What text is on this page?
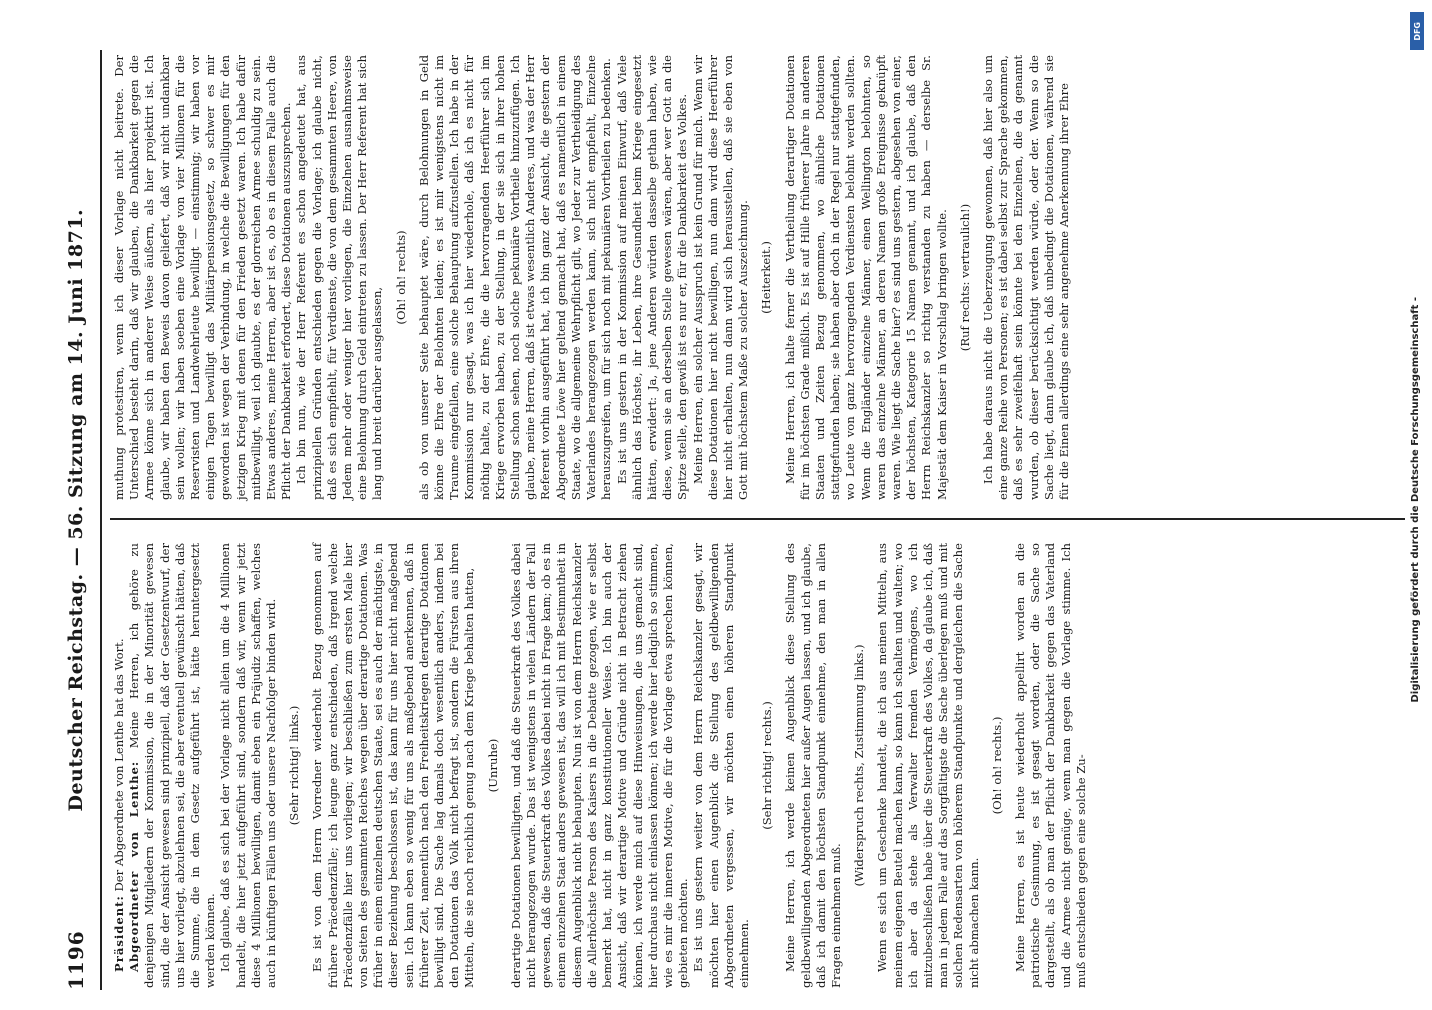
1196
Deutscher Reichstag. — 56. Sitzung am 14. Juni 1871.

Präsident: Der Abgeordnete von Lenthe hat das Wort. Abgeordneter von Lenthe: Meine Herren, ich gehöre zu denjenigen Mitgliedern der Kommission, die in der Minorität gewesen sind, die der Ansicht gewesen sind prinzipiell, daß der Gesetzentwurf, der uns hier vorliegt, abzulehnen sei, die aber eventuell gewünscht hätten, daß die Summe, die in dem Gesetz aufgeführt ist, hätte heruntergesetzt werden können. Ich glaube, daß es sich bei der Vorlage nicht allein um die 4 Millionen handelt, die hier jetzt aufgeführt sind, sondern daß wir, wenn wir jetzt diese 4 Millionen bewilligen, damit eben ein Präjudiz schaffen, welches auch in künftigen Fällen uns oder unsere Nachfolger binden wird. (Sehr richtig! links.) Es ist von dem Herrn Vorredner wiederholt Bezug genommen auf frühere Präcedenzfälle; ich leugne ganz entschieden, daß irgend welche Präcedenzfälle hier uns vorliegen; wir beschließen zum ersten Male hier von Seiten des gesammten Reiches wegen über derartige Dotationen. Was früher in einem einzelnen deutschen Staate, sei es auch der mächtigste, in dieser Beziehung beschlossen ist, das kann für uns hier nicht maßgebend sein. Ich kann eben so wenig für uns als maßgebend anerkennen, daß in früherer Zeit, namentlich nach den Freiheitskriegen derartige Dotationen bewilligt sind. Die Sache lag damals doch wesentlich anders, indem bei den Dotationen das Volk nicht befragt ist, sondern die Fürsten aus ihren Mitteln, die sie noch reichlich genug nach dem Kriege behalten hatten, (Unruhe) derartige Dotationen bewilligten, und daß die Steuerkraft des Volkes dabei nicht herangezogen wurde. Das ist wenigstens in vielen Ländern der Fall gewesen, daß die Steuerkraft des Volkes dabei nicht in Frage kam; ob es in einem einzelnen Staat anders gewesen ist, das will ich mit Bestimmtheit in diesem Augenblick nicht behaupten. Nun ist von dem Herrn Reichskanzler die Allerhöchste Person des Kaisers in die Debatte gezogen, wie er selbst bemerkt hat, nicht in ganz konstitutioneller Weise. Ich bin auch der Ansicht, daß wir derartige Motive und Gründe nicht in Betracht ziehen können, ich werde mich auf diese Hinweisungen, die uns gemacht sind, hier durchaus nicht einlassen können; ich werde hier lediglich so stimmen, wie es mir die inneren Motive, die für die Vorlage etwa sprechen können, gebieten möchten. Es ist uns gestern weiter von dem Herrn Reichskanzler gesagt, wir möchten hier einen Augenblick die Stellung des geldbewilligenden Abgeordneten vergessen, wir möchten einen höheren Standpunkt einnehmen.

(Sehr richtig! rechts.) Meine Herren, ich werde keinen Augenblick diese Stellung des geldbewilligenden Abgeordneten hier außer Augen lassen, und ich glaube, daß ich damit den höchsten Standpunkt einnehme, den man in allen Fragen einnehmen muß.

(Widerspruch rechts, Zustimmung links.) Wenn es sich um Geschenke handelt, die ich aus meinen Mitteln, aus meinem eigenen Beutel machen kann, so kann ich schalten und walten; wo ich aber da stehe als Verwalter fremden Vermögens, wo ich mitzubeschließen habe über die Steuerkraft des Volkes, da glaube ich, daß man in jedem Falle auf das Sorgfältigste die Sache überlegen muß und mit solchen Redensarten von höherem Standpunkte und dergleichen die Sache nicht abmachen kann.

(Oh! oh! rechts.) Meine Herren, es ist heute wiederholt appellirt worden an die patriotische Gesinnung, es ist gesagt worden, oder die Sache so dargestellt, als ob man der Pflicht der Dankbarkeit gegen das Vaterland und die Armee nicht genüge, wenn man gegen die Vorlage stimme. Ich muß entschieden gegen eine solche Zu-

muthung protestiren, wenn ich dieser Vorlage nicht beitrete. Der Unterschied besteht darin, daß wir glauben, die Dankbarkeit gegen die Armee könne sich in anderer Weise äußern, als hier projektirt ist. Ich glaube, wir haben den Beweis davon geliefert, daß wir nicht undankbar sein wollen; wir haben soeben eine Vorlage von vier Millionen für die Reservisten und Landwehrleute bewilligt — einstimmig; wir haben vor einigen Tagen bewilligt das Militärpensionsgesetz, so schwer es mir geworden ist wegen der Verbindung, in welche die Bewilligungen für den jetzigen Krieg mit denen für den Frieden gesetzt waren. Ich habe dafür mitbewilligt, weil ich glaubte, es der glorreichen Armee schuldig zu sein. Etwas anderes, meine Herren, aber ist es, ob es in diesem Falle auch die Pflicht der Dankbarkeit erfordert, diese Dotationen auszusprechen. Ich bin nun, wie der Herr Referent es schon angedeutet hat, aus prinzipiellen Gründen entschieden gegen die Vorlage; ich glaube nicht, daß es sich empfiehlt, für Verdienste, die von dem gesammten Heere, von Jedem mehr oder weniger hier vorliegen, die Einzelnen ausnahmsweise eine Belohnung durch Geld eintreten zu lassen. Der Herr Referent hat sich lang und breit darüber ausgelassen,

(Oh! oh! rechts) als ob von unserer Seite behauptet wäre, durch Belohnungen in Geld könne die Ehre der Belohnten leiden; es ist mir wenigstens nicht im Traume eingefallen, eine solche Behauptung aufzustellen. Ich habe in der Kommission nur gesagt, was ich hier wiederhole, daß ich es nicht für nöthig halte, zu der Ehre, die die hervorragenden Heerführer sich im Kriege erworben haben, zu der Stellung, in der sie sich in ihrer hohen Stellung schon sehen, noch solche pekuniäre Vortheile hinzuzufügen. Ich glaube, meine Herren, daß ist etwas wesentlich Anderes, und was der Herr Referent vorhin ausgeführt hat, ich bin ganz der Ansicht, die gestern der Abgeordnete Löwe hier geltend gemacht hat, daß es namentlich in einem Staate, wo die allgemeine Wehrpflicht gilt, wo Jeder zur Vertheidigung des Vaterlandes herangezogen werden kann, sich nicht empfiehlt, Einzelne herauszugreifen, um für sich noch mit pekuniären Vortheilen zu bedenken. Es ist uns gestern in der Kommission auf meinen Einwurf, daß Viele ähnlich das Höchste, ihr Leben, ihre Gesundheit beim Kriege eingesetzt hätten, erwidert: Ja, jene Anderen würden dasselbe gethan haben, wie diese, wenn sie an derselben Stelle gewesen wären, aber wer Gott an die Spitze stelle, den gewiß ist es nur er, für die Dankbarkeit des Volkes. Meine Herren, ein solcher Ausspruch ist kein Grund für mich. Wenn wir diese Dotationen hier nicht bewilligen, nun dann wird diese Heerführer hier nicht erhalten, nun dann wird sich herausstellen, daß sie eben von Gott mit höchstem Maße zu solcher Auszeichnung. (Heiterkeit.) Meine Herren, ich halte ferner die Vertheilung derartiger Dotationen für im höchsten Grade mißlich. Es ist auf Hille früherer Jahre in anderen Staaten und Zeiten Bezug genommen, wo ähnliche Dotationen stattgefunden haben; sie haben aber doch in der Regel nur stattgefunden, wo Leute von ganz hervorragenden Verdiensten belohnt werden sollten. Wenn die Engländer einzelne Männer, einen Wellington belohnten, so waren das einzelne Männer, an deren Namen große Ereignisse geknüpft waren. Wie liegt die Sache hier? es sind uns gestern, abgesehen von einer, der höchsten, Kategorie 15 Namen genannt, und ich glaube, daß den Herrn Reichskanzler so richtig verstanden zu haben — derselbe Sr. Majestät dem Kaiser in Vorschlag bringen wollte. (Ruf rechts: vertraulich!) Ich habe daraus nicht die Ueberzeugung gewonnen, daß hier also um eine ganze Reihe von Personen; es ist dabei selbst zur Sprache gekommen, daß es sehr zweifelhaft sein könnte bei den Einzelnen, die da genannt wurden, ob dieser berücksichtigt werden würde, oder der. Wenn so die Sache liegt, dann glaube ich, daß unbedingt die Dotationen, während sie für die Einen allerdings eine sehr angenehme Anerkennung ihrer Ehre	Digitalisierung gefördert durch die Deutsche Forschungsgemeinschaft -
DFG
